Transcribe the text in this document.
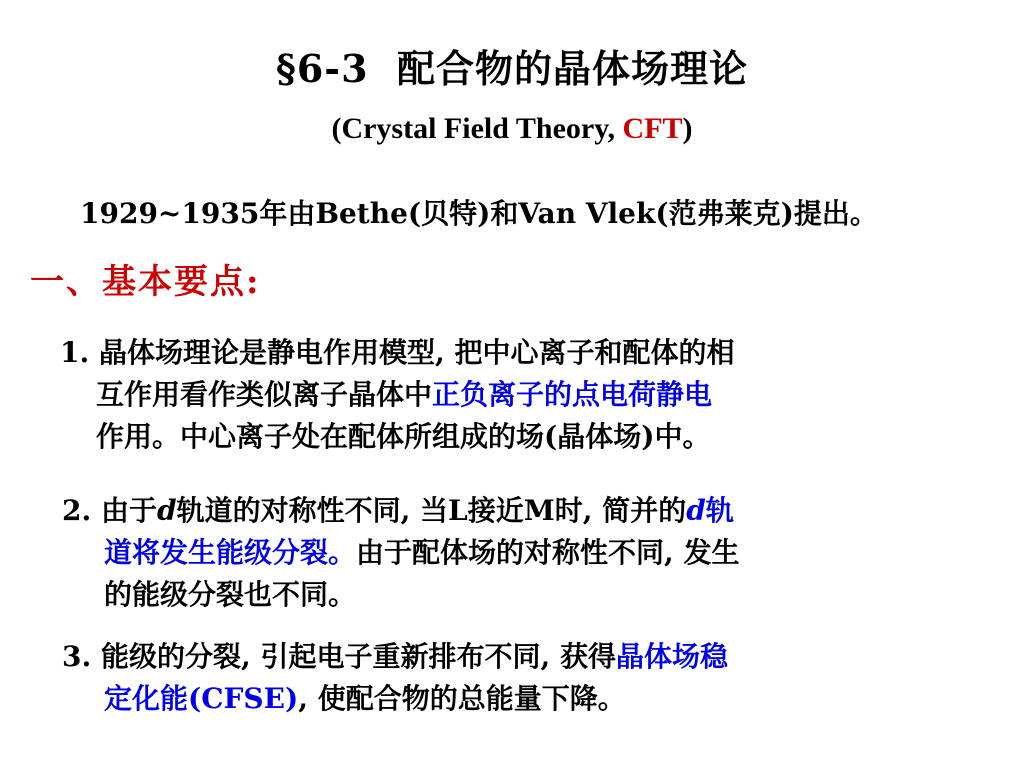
§6-3 配合物的晶体场理论
(Crystal Field Theory, CFT)
1929~1935年由Bethe(贝特)和Van Vlek(范弗莱克)提出。
一、基本要点:
1. 晶体场理论是静电作用模型, 把中心离子和配体的相
互作用看作类似离子晶体中正负离子的点电荷静电
作用。中心离子处在配体所组成的场(晶体场)中。
2. 由于d轨道的对称性不同, 当L接近M时, 简并的d轨
道将发生能级分裂。由于配体场的对称性不同, 发生
的能级分裂也不同。
3. 能级的分裂, 引起电子重新排布不同, 获得晶体场稳
定化能(CFSE), 使配合物的总能量下降。
